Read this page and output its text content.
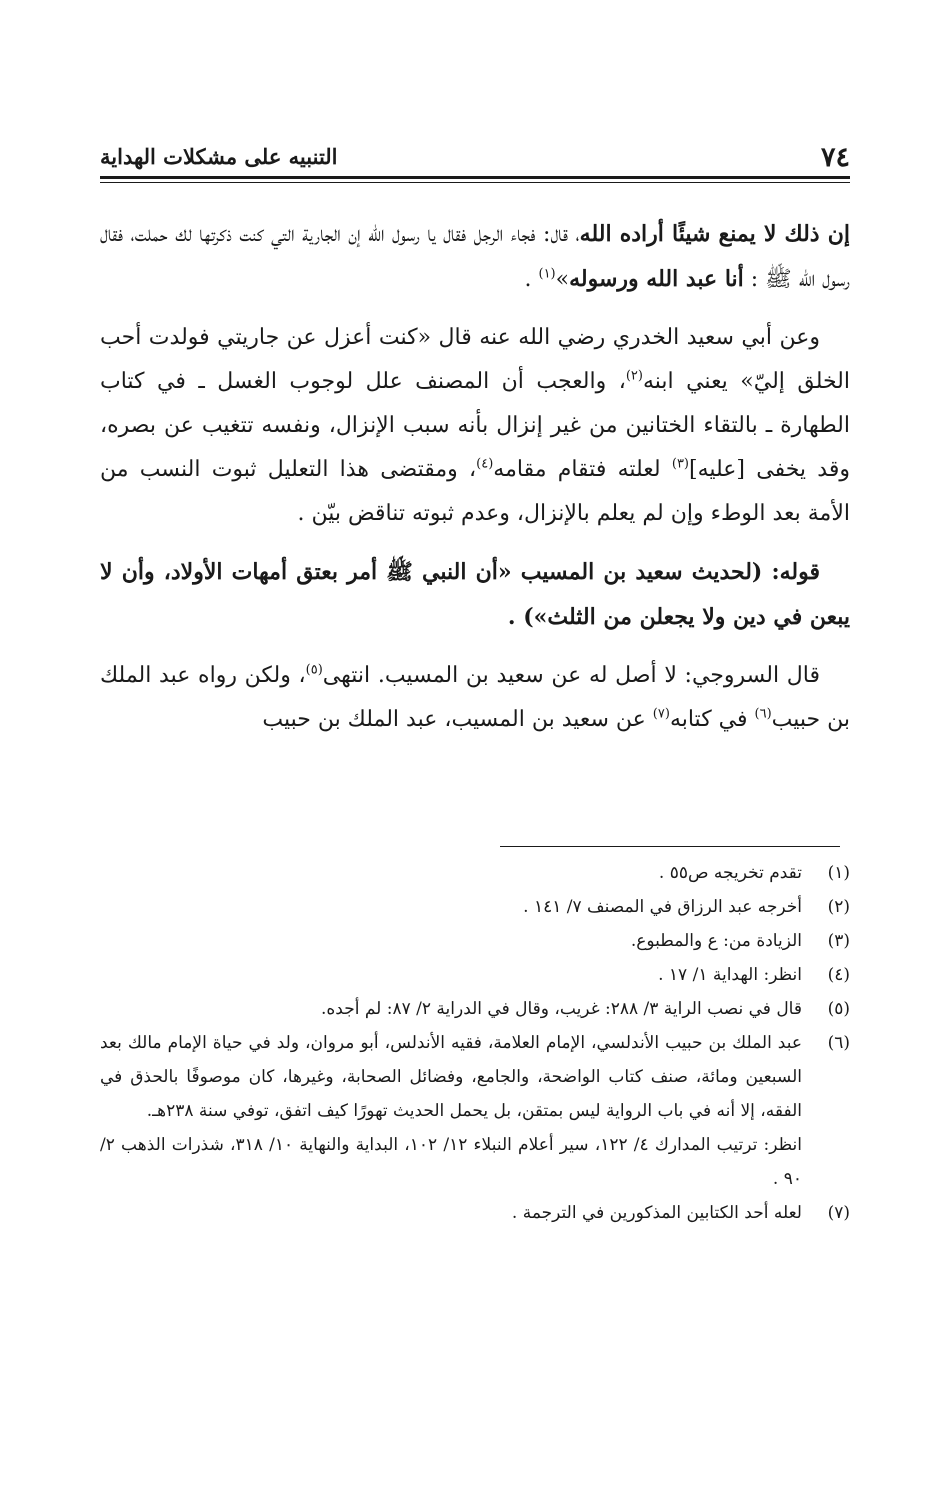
٧٤
التنبيه على مشكلات الهداية

إن ذلك لا يمنع شيئًا أراده الله، قال: فجاء الرجل فقال يا رسول الله إن الجارية التي كنت ذكرتها لك حملت، فقال رسول الله ﷺ : أنا عبد الله ورسوله»$^{(١)}$ .

وعن أبي سعيد الخدري رضي الله عنه قال «كنت أعزل عن جاريتي فولدت أحب الخلق إليّ» يعني ابنه$^{(٢)}$، والعجب أن المصنف علل لوجوب الغسل ـ في كتاب الطهارة ـ بالتقاء الختانين من غير إنزال بأنه سبب الإنزال، ونفسه تتغيب عن بصره، وقد يخفى [عليه]$^{(٣)}$ لعلته فتقام مقامه$^{(٤)}$، ومقتضى هذا التعليل ثبوت النسب من الأمة بعد الوطء وإن لم يعلم بالإنزال، وعدم ثبوته تناقض بيّن .

قوله: (لحديث سعيد بن المسيب «أن النبي ﷺ أمر بعتق أمهات الأولاد، وأن لا يبعن في دين ولا يجعلن من الثلث») .

قال السروجي: لا أصل له عن سعيد بن المسيب. انتهى$^{(٥)}$، ولكن رواه عبد الملك بن حبيب$^{(٦)}$ في كتابه$^{(٧)}$ عن سعيد بن المسيب، عبد الملك بن حبيب

(١)
تقدم تخريجه ص٥٥ .
(٢)
أخرجه عبد الرزاق في المصنف ٧/ ١٤١ .
(٣)
الزيادة من: ع والمطبوع.
(٤)
انظر: الهداية ١/ ١٧ .
(٥)
قال في نصب الراية ٣/ ٢٨٨: غريب، وقال في الدراية ٢/ ٨٧: لم أجده.
(٦)
عبد الملك بن حبيب الأندلسي، الإمام العلامة، فقيه الأندلس، أبو مروان، ولد في حياة الإمام مالك بعد السبعين ومائة، صنف كتاب الواضحة، والجامع، وفضائل الصحابة، وغيرها، كان موصوفًا بالحذق في الفقه، إلا أنه في باب الرواية ليس بمتقن، بل يحمل الحديث تهورًا كيف اتفق، توفي سنة ٢٣٨هـ.
انظر: ترتيب المدارك ٤/ ١٢٢، سير أعلام النبلاء ١٢/ ١٠٢، البداية والنهاية ١٠/ ٣١٨، شذرات الذهب ٢/ ٩٠ .
(٧)
لعله أحد الكتابين المذكورين في الترجمة .
